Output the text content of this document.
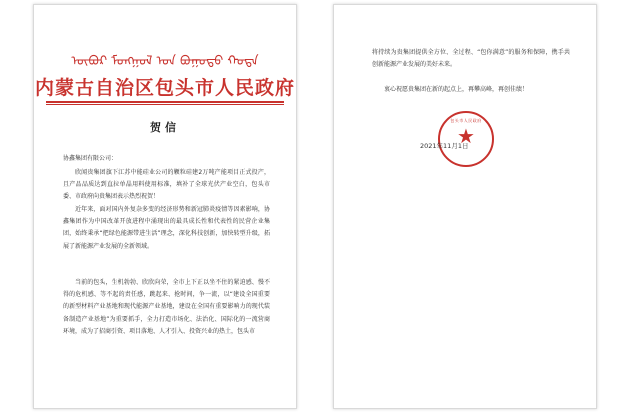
ᠥᠪᠥᠷ ᠮᠣᠩᠭᠣᠯ ᠤᠨ ᠪᠣᠭᠣᠲᠣ ᠬᠣᠲᠠ
内蒙古自治区包头市人民政府
贺信
协鑫集团有限公司：
欣闻贵集团旗下江苏中能硅业公司的颗粒硅建2万吨产能项目正式投产，且产品品质达到直拉单晶用料使用标准，填补了全球光伏产业空白，包头市委、市政府向贵集团表示热烈祝贺！
近年来，面对国内外复杂多变的经济形势和新冠肺炎疫情等因素影响，协鑫集团作为中国改革开放进程中涌现出的最具成长性和代表性的民营企业集团，始终秉承“把绿色能源带进生活”理念，深化科技创新，加快转型升级，拓展了新能源产业发展的全新领域。
当前的包头，生机勃勃、欣欣向荣，全市上下正以坐不住的紧迫感、慢不得的危机感、等不起的责任感，跳起来、抢时间，争一流，以“建设全国重要的新型材料产业基地和现代能源产业基地，建设在全国有重要影响力的现代装备制造产业基地”为重要抓手，全力打造市场化、法治化、国际化的一流营商环境，成为了招商引资、项目落地、人才引入、投资兴业的热土，包头市
将持续为贵集团提供全方位、全过程、“包你满意”的服务和保障，携手共创新能源产业发展的美好未来。
衷心祝愿贵集团在新的起点上，再攀高峰，再创佳绩！
包头市人民政府
★
2021年11月1日
